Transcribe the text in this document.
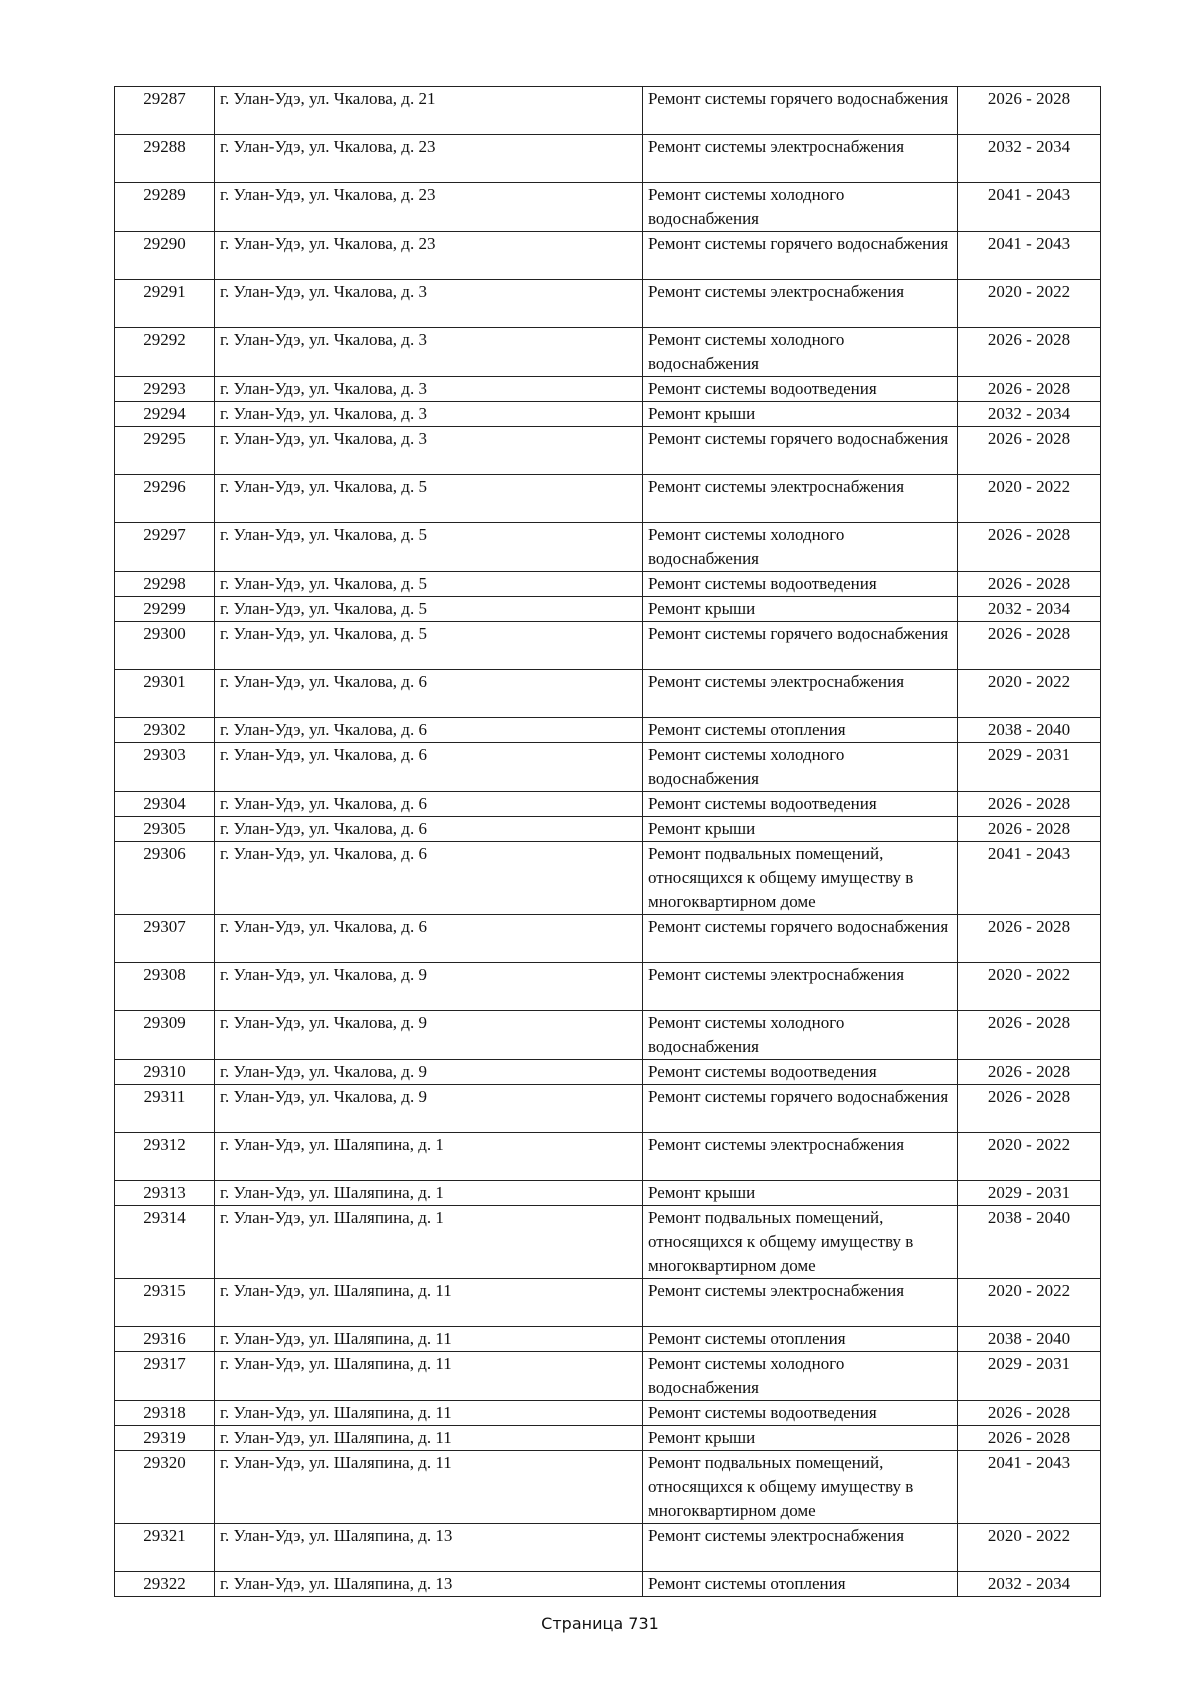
29287	г. Улан-Удэ, ул. Чкалова, д. 21	Ремонт системы горячего водоснабжения	2026 - 2028
29288	г. Улан-Удэ, ул. Чкалова, д. 23	Ремонт системы электроснабжения	2032 - 2034
29289	г. Улан-Удэ, ул. Чкалова, д. 23	Ремонт системы холодного водоснабжения	2041 - 2043
29290	г. Улан-Удэ, ул. Чкалова, д. 23	Ремонт системы горячего водоснабжения	2041 - 2043
29291	г. Улан-Удэ, ул. Чкалова, д. 3	Ремонт системы электроснабжения	2020 - 2022
29292	г. Улан-Удэ, ул. Чкалова, д. 3	Ремонт системы холодного водоснабжения	2026 - 2028
29293	г. Улан-Удэ, ул. Чкалова, д. 3	Ремонт системы водоотведения	2026 - 2028
29294	г. Улан-Удэ, ул. Чкалова, д. 3	Ремонт крыши	2032 - 2034
29295	г. Улан-Удэ, ул. Чкалова, д. 3	Ремонт системы горячего водоснабжения	2026 - 2028
29296	г. Улан-Удэ, ул. Чкалова, д. 5	Ремонт системы электроснабжения	2020 - 2022
29297	г. Улан-Удэ, ул. Чкалова, д. 5	Ремонт системы холодного водоснабжения	2026 - 2028
29298	г. Улан-Удэ, ул. Чкалова, д. 5	Ремонт системы водоотведения	2026 - 2028
29299	г. Улан-Удэ, ул. Чкалова, д. 5	Ремонт крыши	2032 - 2034
29300	г. Улан-Удэ, ул. Чкалова, д. 5	Ремонт системы горячего водоснабжения	2026 - 2028
29301	г. Улан-Удэ, ул. Чкалова, д. 6	Ремонт системы электроснабжения	2020 - 2022
29302	г. Улан-Удэ, ул. Чкалова, д. 6	Ремонт системы отопления	2038 - 2040
29303	г. Улан-Удэ, ул. Чкалова, д. 6	Ремонт системы холодного водоснабжения	2029 - 2031
29304	г. Улан-Удэ, ул. Чкалова, д. 6	Ремонт системы водоотведения	2026 - 2028
29305	г. Улан-Удэ, ул. Чкалова, д. 6	Ремонт крыши	2026 - 2028
29306	г. Улан-Удэ, ул. Чкалова, д. 6	Ремонт подвальных помещений, относящихся к общему имуществу в многоквартирном доме	2041 - 2043
29307	г. Улан-Удэ, ул. Чкалова, д. 6	Ремонт системы горячего водоснабжения	2026 - 2028
29308	г. Улан-Удэ, ул. Чкалова, д. 9	Ремонт системы электроснабжения	2020 - 2022
29309	г. Улан-Удэ, ул. Чкалова, д. 9	Ремонт системы холодного водоснабжения	2026 - 2028
29310	г. Улан-Удэ, ул. Чкалова, д. 9	Ремонт системы водоотведения	2026 - 2028
29311	г. Улан-Удэ, ул. Чкалова, д. 9	Ремонт системы горячего водоснабжения	2026 - 2028
29312	г. Улан-Удэ, ул. Шаляпина, д. 1	Ремонт системы электроснабжения	2020 - 2022
29313	г. Улан-Удэ, ул. Шаляпина, д. 1	Ремонт крыши	2029 - 2031
29314	г. Улан-Удэ, ул. Шаляпина, д. 1	Ремонт подвальных помещений, относящихся к общему имуществу в многоквартирном доме	2038 - 2040
29315	г. Улан-Удэ, ул. Шаляпина, д. 11	Ремонт системы электроснабжения	2020 - 2022
29316	г. Улан-Удэ, ул. Шаляпина, д. 11	Ремонт системы отопления	2038 - 2040
29317	г. Улан-Удэ, ул. Шаляпина, д. 11	Ремонт системы холодного водоснабжения	2029 - 2031
29318	г. Улан-Удэ, ул. Шаляпина, д. 11	Ремонт системы водоотведения	2026 - 2028
29319	г. Улан-Удэ, ул. Шаляпина, д. 11	Ремонт крыши	2026 - 2028
29320	г. Улан-Удэ, ул. Шаляпина, д. 11	Ремонт подвальных помещений, относящихся к общему имуществу в многоквартирном доме	2041 - 2043
29321	г. Улан-Удэ, ул. Шаляпина, д. 13	Ремонт системы электроснабжения	2020 - 2022
29322	г. Улан-Удэ, ул. Шаляпина, д. 13	Ремонт системы отопления	2032 - 2034
Страница 731
